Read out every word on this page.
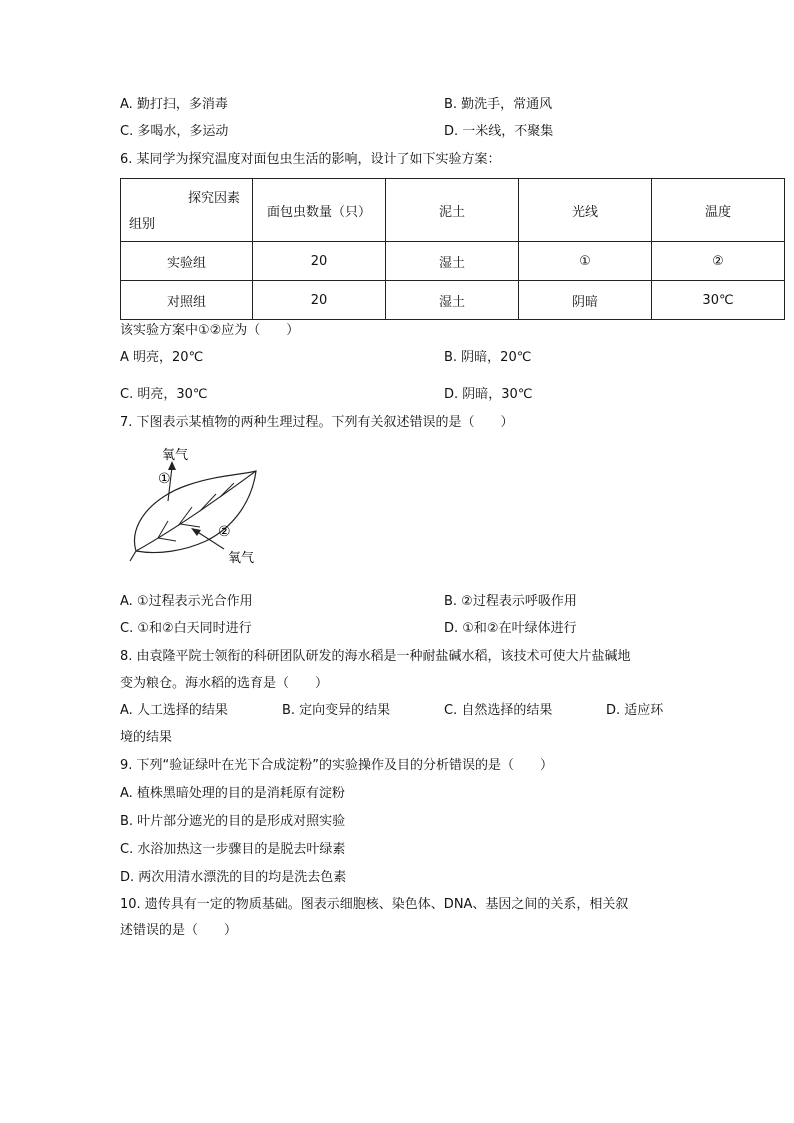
A. 勤打扫，多消毒	B. 勤洗手，常通风
C. 多喝水，多运动	D. 一米线，不聚集
6. 某同学为探究温度对面包虫生活的影响，设计了如下实验方案：
探究因素
组别	面包虫数量（只）	泥土	光线	温度
实验组	20	湿土	①	②
对照组	20	湿土	阴暗	30℃
该实验方案中①②应为（　　）
A 明亮，20℃	B. 阴暗，20℃
C. 明亮，30℃	D. 阴暗，30℃
7. 下图表示某植物的两种生理过程。下列有关叙述错误的是（　　）
氧气
①
②
氧气
A. ①过程表示光合作用	B. ②过程表示呼吸作用
C. ①和②白天同时进行	D. ①和②在叶绿体进行
8. 由袁隆平院士领衔的科研团队研发的海水稻是一种耐盐碱水稻，该技术可使大片盐碱地
变为粮仓。海水稻的选育是（　　）
A. 人工选择的结果	B. 定向变异的结果	C. 自然选择的结果	D. 适应环
境的结果
9. 下列“验证绿叶在光下合成淀粉”的实验操作及目的分析错误的是（　　）
A. 植株黑暗处理的目的是消耗原有淀粉
B. 叶片部分遮光的目的是形成对照实验
C. 水浴加热这一步骤目的是脱去叶绿素
D. 两次用清水漂洗的目的均是洗去色素
10. 遗传具有一定的物质基础。图表示细胞核、染色体、DNA、基因之间的关系，相关叙
述错误的是（　　）
